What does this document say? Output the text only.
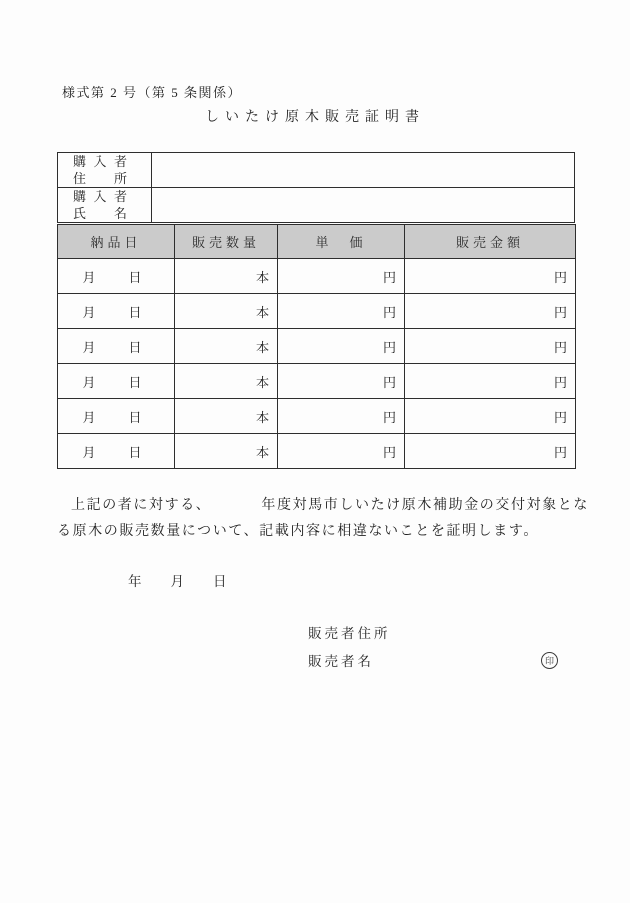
様式第 2 号（第 5 条関係）
しいたけ原木販売証明書
購 入 者
住 所	

購 入 者
氏 名	

納品日	販売数量	単　価	販売金額

月 日	本	円	円

月 日	本	円	円

月 日	本	円	円

月 日	本	円	円

月 日	本	円	円

月 日	本	円	円
上記の者に対する、	年度対馬市しいたけ原木補助金の交付対象となる原木の販売数量について、記載内容に相違ないことを証明します。
年 月 日
販売者住所
販売者名	印
